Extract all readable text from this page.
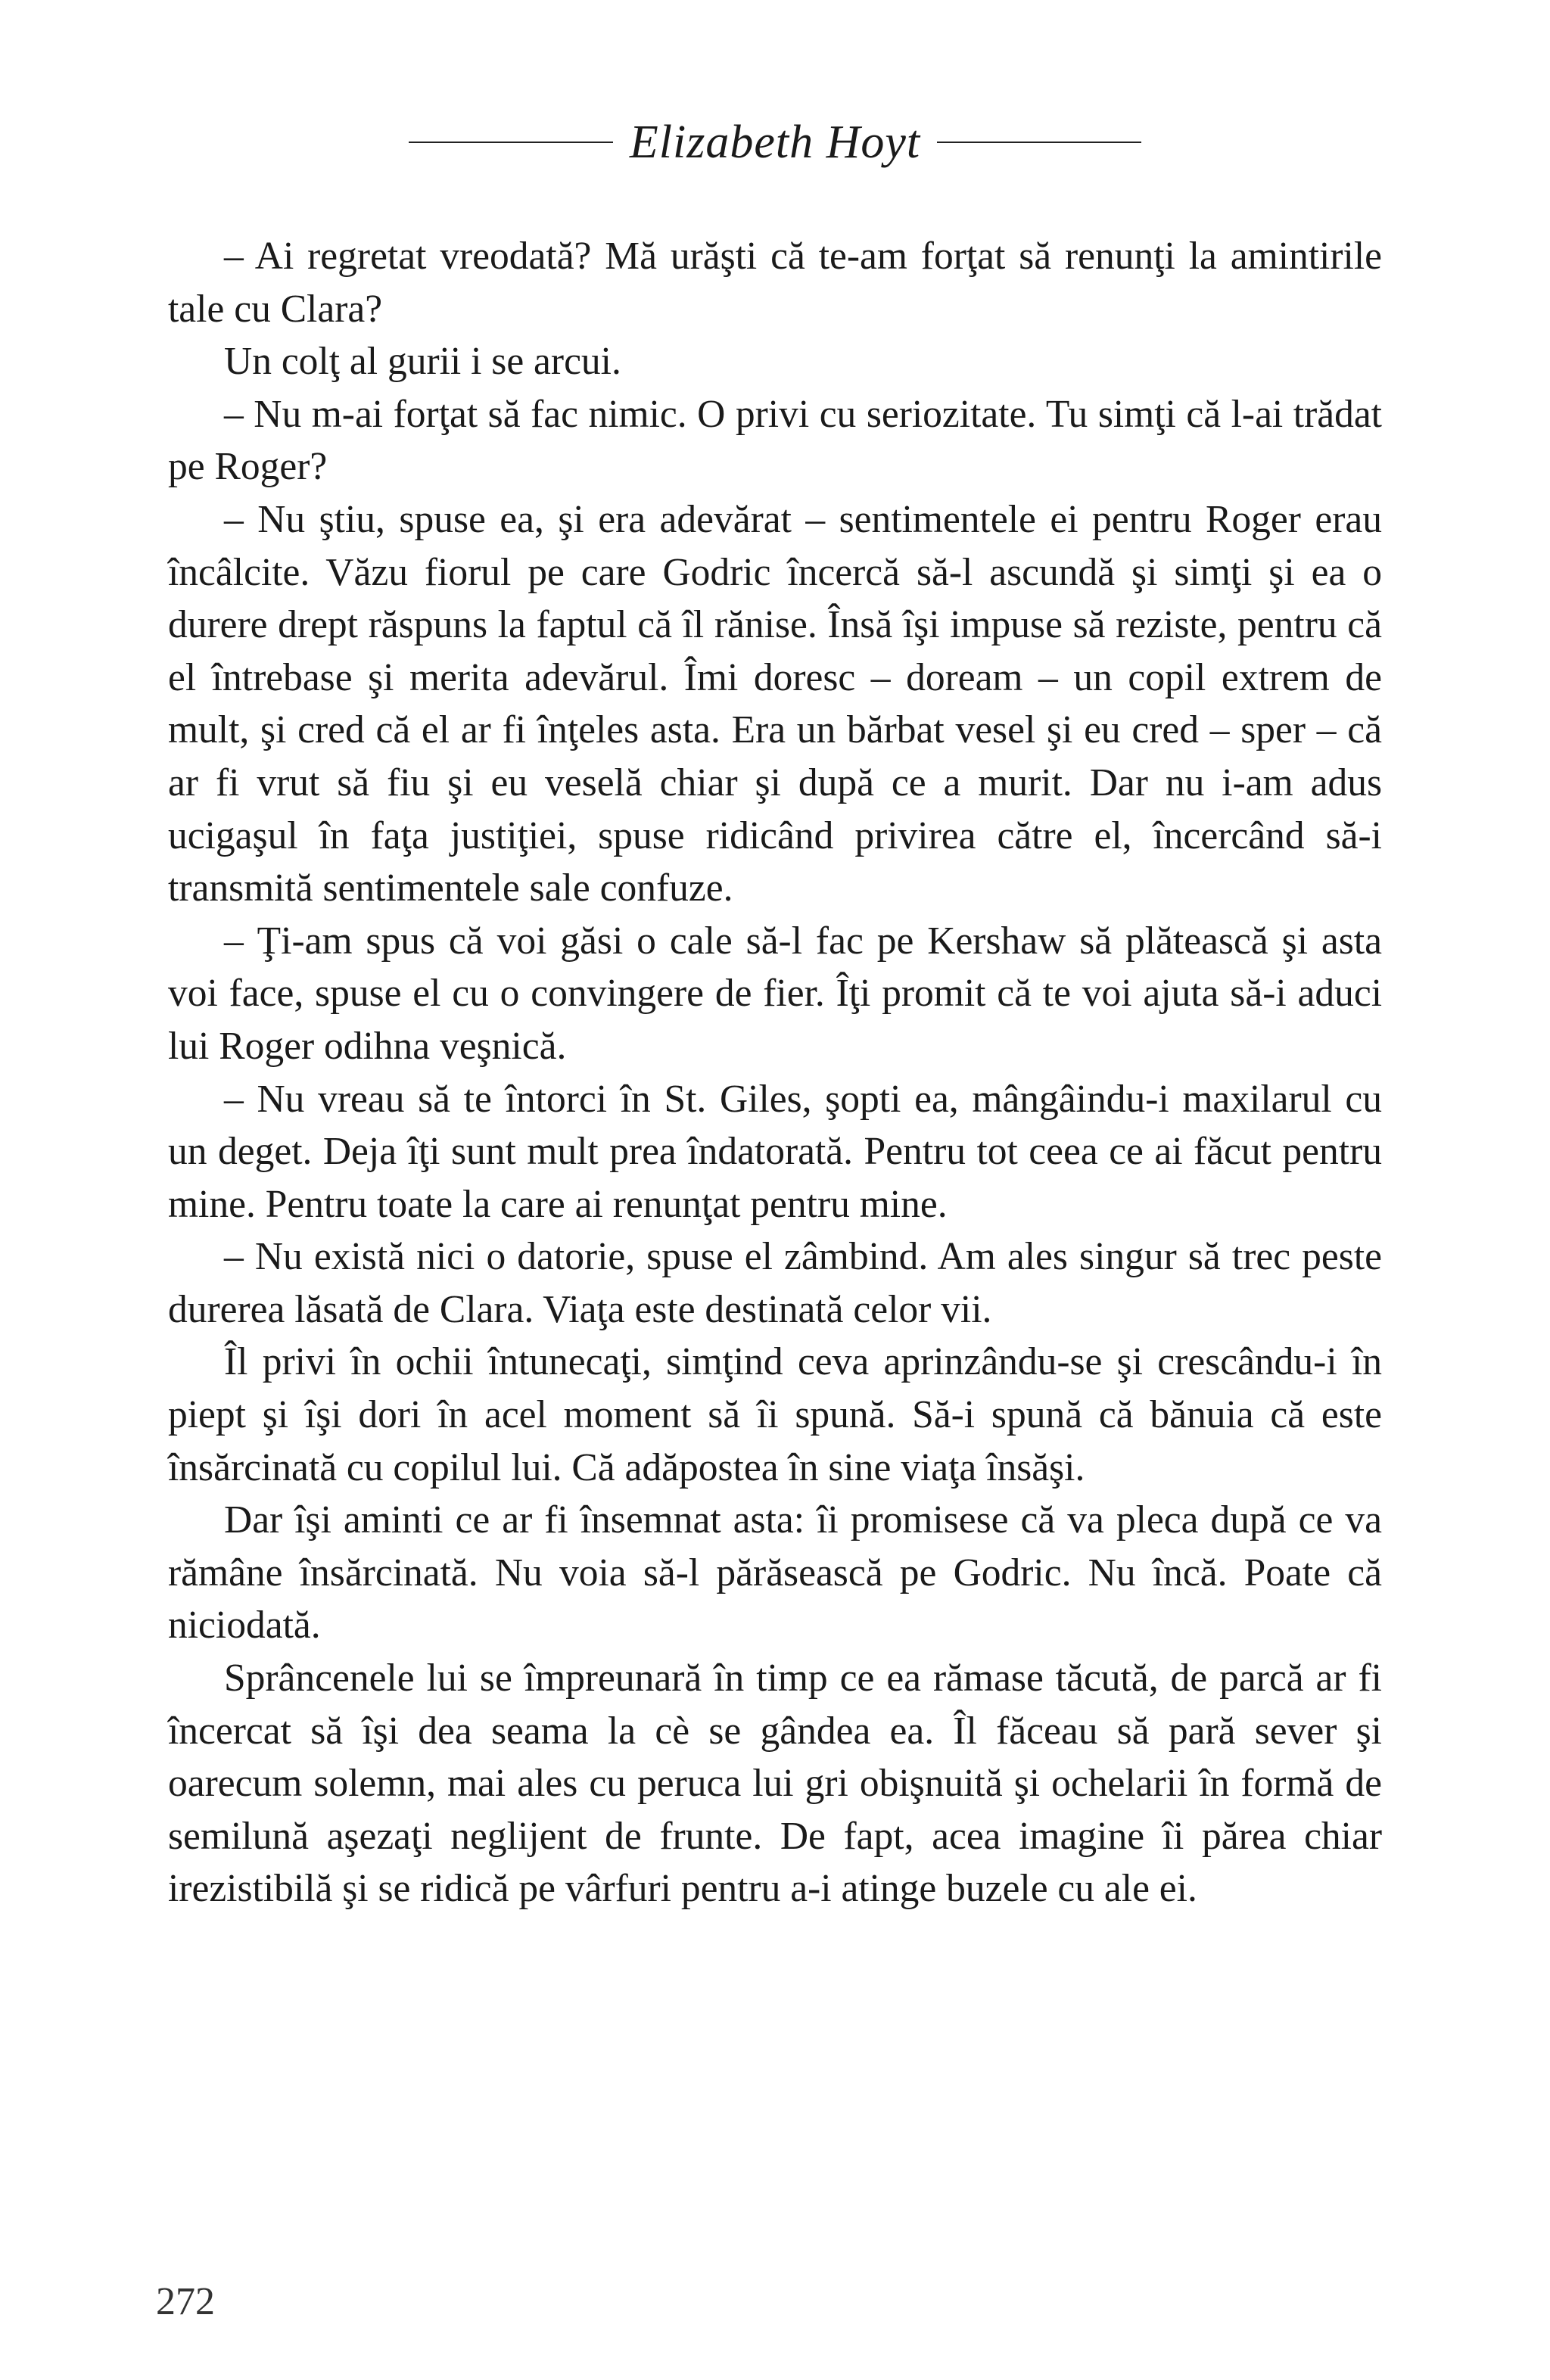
Elizabeth Hoyt

– Ai regretat vreodată? Mă urăşti că te-am forţat să renunţi la amintirile tale cu Clara?

Un colţ al gurii i se arcui.

– Nu m-ai forţat să fac nimic. O privi cu seriozitate. Tu simţi că l-ai trădat pe Roger?

– Nu ştiu, spuse ea, şi era adevărat – sentimentele ei pentru Roger erau încâlcite. Văzu fiorul pe care Godric încercă să-l ascundă şi simţi şi ea o durere drept răspuns la faptul că îl rănise. Însă îşi impuse să reziste, pentru că el întrebase şi merita adevărul. Îmi doresc – doream – un copil extrem de mult, şi cred că el ar fi înţeles asta. Era un bărbat vesel şi eu cred – sper – că ar fi vrut să fiu şi eu veselă chiar şi după ce a murit. Dar nu i-am adus ucigaşul în faţa justiţiei, spuse ridicând privirea către el, încercând să-i transmită sentimentele sale confuze.

– Ţi-am spus că voi găsi o cale să-l fac pe Kershaw să plătească şi asta voi face, spuse el cu o convingere de fier. Îţi promit că te voi ajuta să-i aduci lui Roger odihna veşnică.

– Nu vreau să te întorci în St. Giles, şopti ea, mângâindu-i maxilarul cu un deget. Deja îţi sunt mult prea îndatorată. Pentru tot ceea ce ai făcut pentru mine. Pentru toate la care ai renunţat pentru mine.

– Nu există nici o datorie, spuse el zâmbind. Am ales singur să trec peste durerea lăsată de Clara. Viaţa este destinată celor vii.

Îl privi în ochii întunecaţi, simţind ceva aprinzându-se şi crescându-i în piept şi îşi dori în acel moment să îi spună. Să-i spună că bănuia că este însărcinată cu copilul lui. Că adăpostea în sine viaţa însăşi.

Dar îşi aminti ce ar fi însemnat asta: îi promisese că va pleca după ce va rămâne însărcinată. Nu voia să-l părăsească pe Godric. Nu încă. Poate că niciodată.

Sprâncenele lui se împreunară în timp ce ea rămase tăcută, de parcă ar fi încercat să îşi dea seama la cè se gândea ea. Îl făceau să pară sever şi oarecum solemn, mai ales cu peruca lui gri obişnuită şi ochelarii în formă de semilună aşezaţi neglijent de frunte. De fapt, acea imagine îi părea chiar irezistibilă şi se ridică pe vârfuri pentru a-i atinge buzele cu ale ei.

272
